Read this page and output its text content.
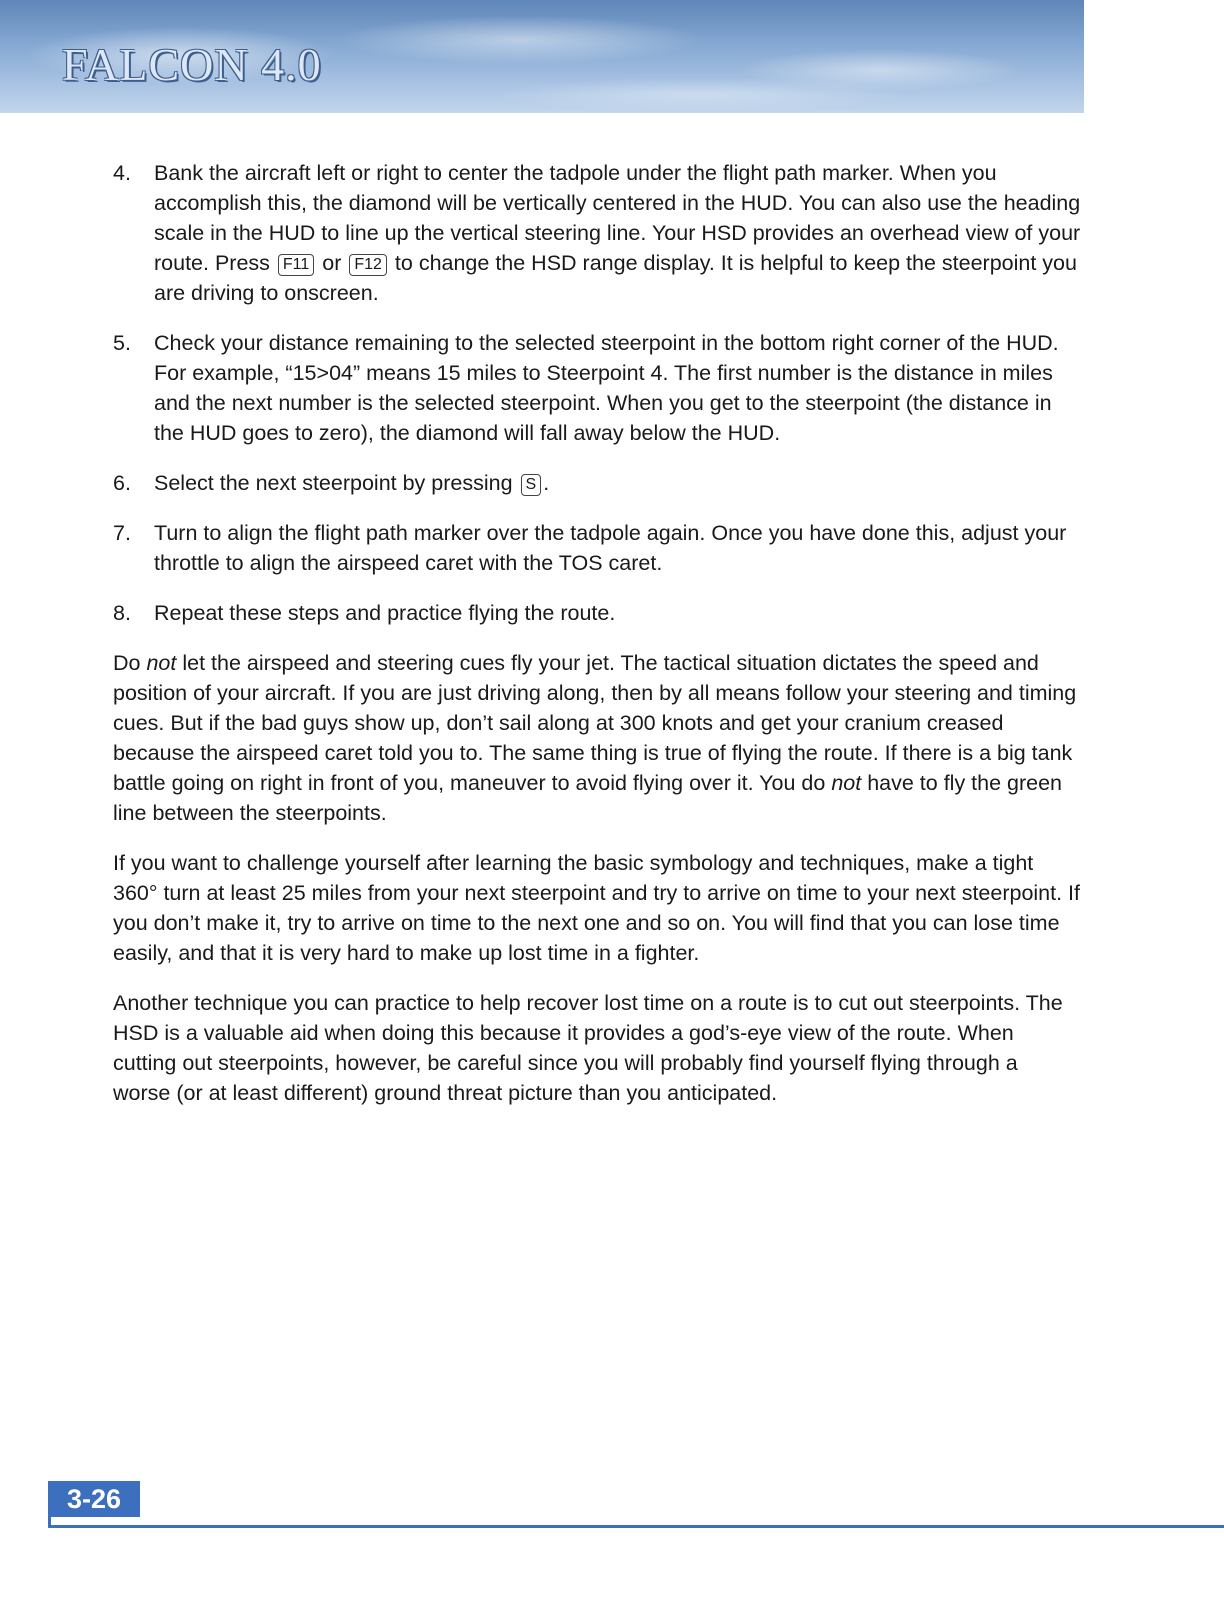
FALCON 4.0
4. Bank the aircraft left or right to center the tadpole under the flight path marker. When you accomplish this, the diamond will be vertically centered in the HUD. You can also use the heading scale in the HUD to line up the vertical steering line. Your HSD provides an overhead view of your route. Press F11 or F12 to change the HSD range display. It is helpful to keep the steerpoint you are driving to onscreen.
5. Check your distance remaining to the selected steerpoint in the bottom right corner of the HUD. For example, “15>04” means 15 miles to Steerpoint 4. The first number is the distance in miles and the next number is the selected steerpoint. When you get to the steerpoint (the distance in the HUD goes to zero), the diamond will fall away below the HUD.
6. Select the next steerpoint by pressing S .
7. Turn to align the flight path marker over the tadpole again. Once you have done this, adjust your throttle to align the airspeed caret with the TOS caret.
8. Repeat these steps and practice flying the route.

Do not let the airspeed and steering cues fly your jet. The tactical situation dictates the speed and position of your aircraft. If you are just driving along, then by all means follow your steering and timing cues. But if the bad guys show up, don’t sail along at 300 knots and get your cranium creased because the airspeed caret told you to. The same thing is true of flying the route. If there is a big tank battle going on right in front of you, maneuver to avoid flying over it. You do not have to fly the green line between the steerpoints.

If you want to challenge yourself after learning the basic symbology and techniques, make a tight 360° turn at least 25 miles from your next steerpoint and try to arrive on time to your next steerpoint. If you don’t make it, try to arrive on time to the next one and so on. You will find that you can lose time easily, and that it is very hard to make up lost time in a fighter.

Another technique you can practice to help recover lost time on a route is to cut out steerpoints. The HSD is a valuable aid when doing this because it provides a god’s-eye view of the route. When cutting out steerpoints, however, be careful since you will probably find yourself flying through a worse (or at least different) ground threat picture than you anticipated.

3-26
